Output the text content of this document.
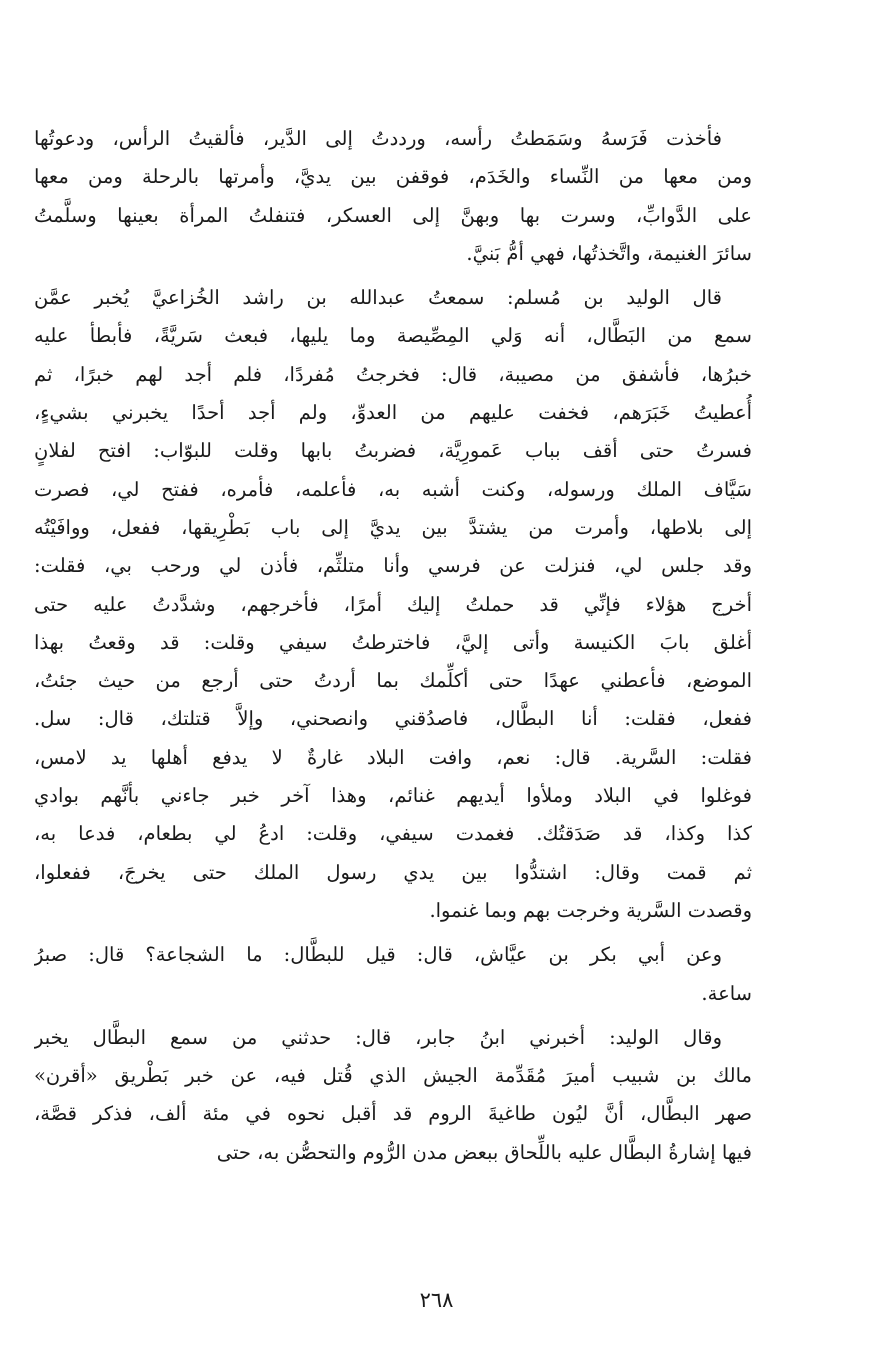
فأخذت فَرَسهُ وسَمَطتُ رأسه، ورددتُ إلى الدَّير، فألقيتُ الرأس، ودعوتُها
ومن معها من النِّساء والخَدَم، فوقفن بين يديَّ، وأمرتها بالرحلة ومن معها
على الدَّوابِّ، وسرت بها وبهنَّ إلى العسكر، فتنفلتُ المرأة بعينها وسلَّمتُ
سائرَ الغنيمة، واتَّخذتُها، فهي أمُّ بَنيَّ.
قال الوليد بن مُسلم: سمعتُ عبدالله بن راشد الخُزاعيَّ يُخبر عمَّن
سمع من البَطَّال، أنه وَلي المِصِّيصة وما يليها، فبعث سَريَّةً، فأبطأ عليه
خبرُها، فأشفق من مصيبة، قال: فخرجتُ مُفردًا، فلم أجد لهم خبرًا، ثم
أُعطيتُ خَبَرَهم، فخفت عليهم من العدوِّ، ولم أجد أحدًا يخبرني بشيءٍ،
فسرتُ حتى أقف بباب عَمورِيَّة، فضربتُ بابها وقلت للبوّاب: افتح لفلانٍ
سَيَّاف الملك ورسوله، وكنت أشبه به، فأعلمه، فأمره، ففتح لي، فصرت
إلى بلاطها، وأمرت من يشتدَّ بين يديَّ إلى باب بَطْرِيقها، ففعل، ووافَيْتُه
وقد جلس لي، فنزلت عن فرسي وأنا متلثِّم، فأذن لي ورحب بي، فقلت:
أخرج هؤلاء فإنِّي قد حملتُ إليك أمرًا، فأخرجهم، وشدَّدتُ عليه حتى
أغلق بابَ الكنيسة وأتى إليَّ، فاخترطتُ سيفي وقلت: قد وقعتُ بهذا
الموضع، فأعطني عهدًا حتى أكلِّمك بما أردتُ حتى أرجع من حيث جئتُ،
ففعل، فقلت: أنا البطَّال، فاصدُقني وانصحني، وإلاَّ قتلتك، قال: سل.
فقلت: السَّرية. قال: نعم، وافت البلاد غارةٌ لا يدفع أهلها يد لامس،
فوغلوا في البلاد وملأوا أيديهم غنائم، وهذا آخر خبر جاءني بأنَّهم بوادي
كذا وكذا، قد صَدَقتُك. فغمدت سيفي، وقلت: ادعُ لي بطعام، فدعا به،
ثم قمت وقال: اشتدُّوا بين يدي رسول الملك حتى يخرجَ، ففعلوا،
وقصدت السَّرية وخرجت بهم وبما غنموا.
وعن أبي بكر بن عيَّاش، قال: قيل للبطَّال: ما الشجاعة؟ قال: صبرُ
ساعة.
وقال الوليد: أخبرني ابنُ جابر، قال: حدثني من سمع البطَّال يخبر
مالك بن شبيب أميرَ مُقَدِّمة الجيش الذي قُتل فيه، عن خبر بَطْريق «أقرن»
صهر البطَّال، أنَّ ليُون طاغيةَ الروم قد أقبل نحوه في مئة ألف، فذكر قصَّة،
فيها إشارةُ البطَّال عليه باللِّحاق ببعض مدن الرُّوم والتحصُّن به، حتى
٢٦٨
